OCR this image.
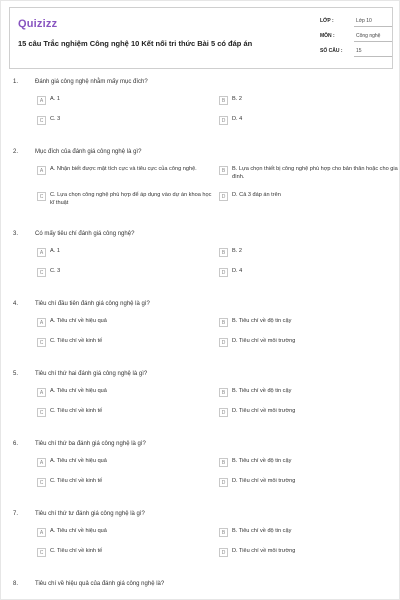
Quizizz
15 câu Trắc nghiệm Công nghệ 10 Kết nối tri thức Bài 5 có đáp án
LỚP :	Lớp 10
MÔN :	Công nghệ
SỐ CÂU :	15
1.	Đánh giá công nghệ nhằm mấy mục đích?
A	A. 1	B	B. 2
C	C. 3	D	D. 4
2.	Mục đích của đánh giá công nghệ là gì?
A	A. Nhận biết được mặt tích cực và tiêu cực của công nghệ.	B	B. Lựa chọn thiết bị công nghệ phù hợp cho bản thân hoặc cho gia đình.
C	C. Lựa chọn công nghệ phù hợp để áp dụng vào dự án khoa học kĩ thuật
D	D. Cả 3 đáp án trên
3.	Có mấy tiêu chí đánh giá công nghệ?
A	A. 1	B	B. 2
C	C. 3	D	D. 4
4.	Tiêu chí đầu tiên đánh giá công nghệ là gì?
A	A. Tiêu chí về hiệu quả	B	B. Tiêu chí về độ tin cậy
C	C. Tiêu chí về kinh tế	D	D. Tiêu chí về môi trường
5.	Tiêu chí thứ hai đánh giá công nghệ là gì?
A	A. Tiêu chí về hiệu quả	B	B. Tiêu chí về độ tin cậy
C	C. Tiêu chí về kinh tế	D	D. Tiêu chí về môi trường
6.	Tiêu chí thứ ba đánh giá công nghệ là gì?
A	A. Tiêu chí về hiệu quả	B	B. Tiêu chí về độ tin cậy
C	C. Tiêu chí về kinh tế	D	D. Tiêu chí về môi trường
7.	Tiêu chí thứ tư đánh giá công nghệ là gì?
A	A. Tiêu chí về hiệu quả	B	B. Tiêu chí về độ tin cậy
C	C. Tiêu chí về kinh tế	D	D. Tiêu chí về môi trường
8.	Tiêu chí về hiệu quả của đánh giá công nghệ là?
